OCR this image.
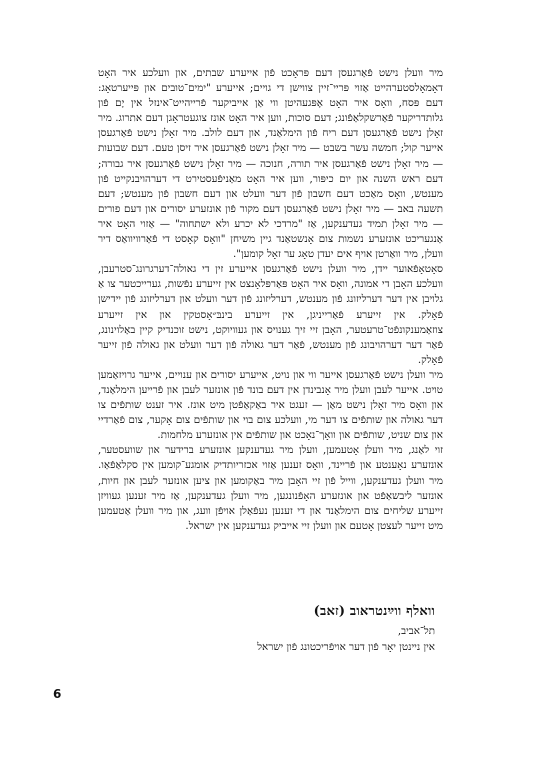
מיר וועלן נישט פֿאַרגעסן דעם פּראָכט פֿון אייערע שבתים, און וועלכע איר האָט דאָמאָלסטערהייט אַזוי פּריי־זיין צווישן די גויים; אייערע "ימים־טובים און פּייערטאָג: דעם פּסח, וואָס איר האָט אָפּגעהיטן ווי אַן אייביקער פֿרייהייט־אינזל אין יָם פֿון גלותדריקער פֿאַרשקלאַפֿונג; דעם סוכות, ווען איר האָט אונז צוגעטראָגן דעם אתרוג. מיר זאָלן נישט פֿאַרגעסן דעם ריח פֿון הימלאַנד, און דעם לולב. מיר זאָלן נישט פֿאַרגעסן אייער קול; חמשה עשר בשבט — מיר זאָלן נישט פֿאַרגעסן איר זיסן טעם. דעם שבועות — מיר זאָלן נישט פֿאַרגעסן איר תורה, חנוכה — מיר זאָלן נישט פֿאַרגעסן איר גבורה; דעם ראש השנה און יום כיפּור, ווען איר האָט מאַניפֿעסטירט די דערהויבנקייט פֿון מענטש, וואָס מאַכט דעם חשבון פֿון דער וועלט און דעם חשבון פֿון מענטש; דעם תשעה באב — מיר זאָלן נישט פֿאַרגעסן דעם מקור פֿון אונזערע יסורים און דעם פורים — מיר זאָלן תמיד געדענקען, אַז "מרדכי לא יכרע ולא ישתחוה" — אַזוי האָט איר אַנגעריכט אונזערע נשמות צום אָנשטאַנד גיין משיחן "וואָס קאָסט די פֿאַרוויוואַס דיר וועלן, מיר וואַרטן אויף אים יעדן טאָג ער זאָל קומען".

סאָטאָפֿאוער יידן, מיר וועלן נישט פֿאַרגעסן אייערע זין די גאולה־דערגרונג־סטרעבן, וועלכע האָבן די אמונה, וואָס איר האָט פּאַרפּלאָנצט אין זייערע נפֿשות, גערייכטער צו אַ גלויבן אין דער דערליזונג פֿון מענטש, דערליזונג פֿון דער וועלט און דערליזונג פֿון יידישן פֿאָלק. אין זייערע פֿאַרייניגן, אין זייערע בינבּ״אָסטקין און אין זייערע צוזאַמענקונפֿט־טרעטער, האָבן זיי זיך גענויס און געוויוקט, נישט זוכנדיק קיין באַלוינונג, פֿאַר דער דערהויבונג פֿון מענטש, פֿאַר דער גאולה פֿון דער וועלט און גאולה פֿון זייער פֿאָלק.

מיר וועלן נישט פֿאַרגעסן אייער ווי און נויט, אייערע יסורים און ענויים, אייער גרויזאַמען טויט. אייער לעבן וועלן מיר אָנבינדן אין דעם בונד פֿון אונזער לעבן און פֿרייען הימלאַנד, און וואָס מיר זאָלן נישט מאַן — זעגט איר באַקאַפֿטן מיט אונז. איר זענט שותפֿים צו דער גאולה און שותפֿים צו דער מי, וועלכע צום בוי און שותפֿים צום אָקער, צום פֿאַרדיי און צום שניט, שותפֿים און וואָך־נאָכט און שותפֿים אין אונזערע מלחמות.

זוי לאַנג, מיר וועלן אָטעמען, וועלן מיר געדענקען אונזערע ברידער און שוועסטער, אונזערע נאָענטע און פֿריינד, וואָס זענען אַזוי אכזריותדיק אומגע־קומען אין סקלאַפֿאַו. מיר וועלן געדענקען, ווייל פֿון זיי האָבן מיר באַקומען און ציען אונזער לעבן און חיות, אונזער ליבשאַפֿט און אונזערע האָפֿנונגען, מיר וועלן געדענקען, אַז מיר זענען געוויזן זייערע שליחים צום הימלאַנד און די זענען נעפֿאַלן אויפֿן וועג, און מיר וועלן אַטעמען מיט זייער לעצטן אָטעם און וועלן זיי אייביק געדענקען אין ישראל.

וואלף ווײַנטראוב (זאב)
תל־אביב,
אין ניינטן יאָר פֿון דער אויפֿריכטונג פֿון ישראל
6
